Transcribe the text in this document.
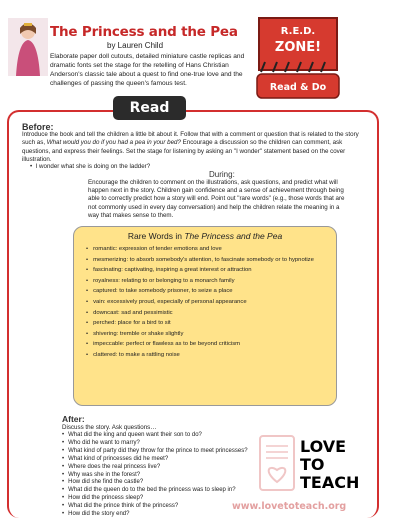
The Princess and the Pea
by Lauren Child

Elaborate paper doll cutouts, detailed miniature castle replicas and dramatic fonts set the stage for the retelling of Hans Christian Anderson's classic tale about a quest to find one-true love and the challenges of passing the queen's famous test.

R.E.D.
ZONE!
Read & Do
Read
Before:

Introduce the book and tell the children a little bit about it. Follow that with a comment or question that is related to the story such as, What would you do if you had a pea in your bed? Encourage a discussion so the children can comment, ask questions, and express their feelings. Set the stage for listening by asking an "I wonder" statement based on the cover illustration.

•  I wonder what she is doing on the ladder?
During:

Encourage the children to comment on the illustrations, ask questions, and predict what will happen next in the story. Children gain confidence and a sense of achievement through being able to correctly predict how a story will end. Point out "rare words" (e.g., those words that are not commonly used in every day conversation) and help the children relate the meaning in a way that makes sense to them.

Rare Words in The Princess and the Pea
• romantic: expression of tender emotions and love
• mesmerizing: to absorb somebody's attention, to fascinate somebody or to hypnotize
• fascinating: captivating, inspiring a great interest or attraction
• royalness: relating to or belonging to a monarch family
• captured: to take somebody prisoner, to seize a place
• vain: excessively proud, especially of personal appearance
• downcast: sad and pessimistic
• perched: place for a bird to sit
• shivering: tremble or shake slightly
• impeccable: perfect or flawless as to be beyond criticism
• clattered: to make a rattling noise
After:
Discuss the story. Ask questions…
• What did the king and queen want their son to do?
• Who did he want to marry?
• What kind of party did they throw for the prince to meet princesses?
• What kind of princesses did he meet?
• Where does the real princess live?
• Why was she in the forest?
• How did she find the castle?
• What did the queen do to the bed the princess was to sleep in?
• How did the princess sleep?
• What did the prince think of the princess?
• How did the story end?
LOVE
TO
TEACH
www.lovetoteach.org
